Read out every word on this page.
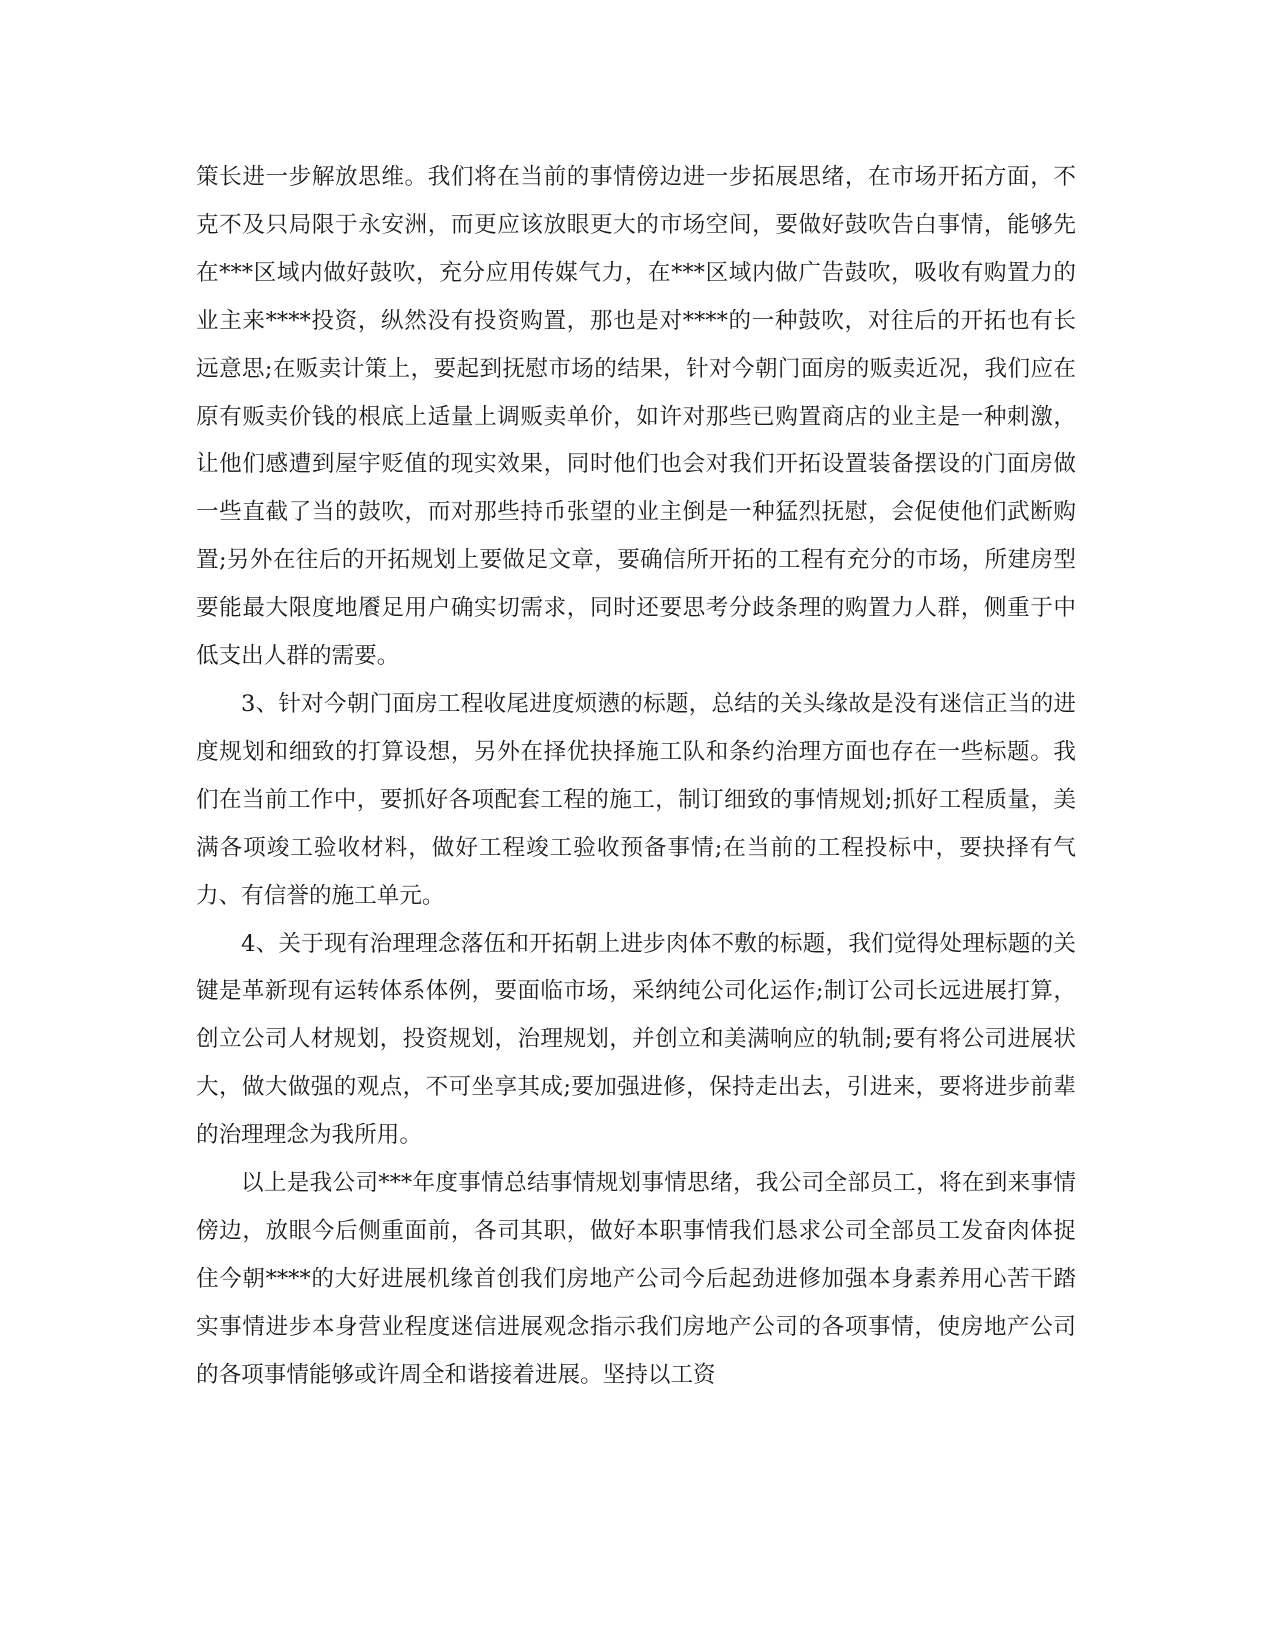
策长进一步解放思维。我们将在当前的事情傍边进一步拓展思绪，在市场开拓方面，不克不及只局限于永安洲，而更应该放眼更大的市场空间，要做好鼓吹告白事情，能够先在***区域内做好鼓吹，充分应用传媒气力，在***区域内做广告鼓吹，吸收有购置力的业主来****投资，纵然没有投资购置，那也是对****的一种鼓吹，对往后的开拓也有长远意思;在贩卖计策上，要起到抚慰市场的结果，针对今朝门面房的贩卖近况，我们应在原有贩卖价钱的根底上适量上调贩卖单价，如许对那些已购置商店的业主是一种刺激，让他们感遭到屋宇贬值的现实效果，同时他们也会对我们开拓设置装备摆设的门面房做一些直截了当的鼓吹，而对那些持币张望的业主倒是一种猛烈抚慰，会促使他们武断购置;另外在往后的开拓规划上要做足文章，要确信所开拓的工程有充分的市场，所建房型要能最大限度地餍足用户确实切需求，同时还要思考分歧条理的购置力人群，侧重于中低支出人群的需要。

3、针对今朝门面房工程收尾进度烦懑的标题，总结的关头缘故是没有迷信正当的进度规划和细致的打算设想，另外在择优抉择施工队和条约治理方面也存在一些标题。我们在当前工作中，要抓好各项配套工程的施工，制订细致的事情规划;抓好工程质量，美满各项竣工验收材料，做好工程竣工验收预备事情;在当前的工程投标中，要抉择有气力、有信誉的施工单元。

4、关于现有治理理念落伍和开拓朝上进步肉体不敷的标题，我们觉得处理标题的关键是革新现有运转体系体例，要面临市场，采纳纯公司化运作;制订公司长远进展打算，创立公司人材规划，投资规划，治理规划，并创立和美满响应的轨制;要有将公司进展状大，做大做强的观点，不可坐享其成;要加强进修，保持走出去，引进来，要将进步前辈的治理理念为我所用。

以上是我公司***年度事情总结事情规划事情思绪，我公司全部员工，将在到来事情傍边，放眼今后侧重面前，各司其职，做好本职事情我们恳求公司全部员工发奋肉体捉住今朝****的大好进展机缘首创我们房地产公司今后起劲进修加强本身素养用心苦干踏实事情进步本身营业程度迷信进展观念指示我们房地产公司的各项事情，使房地产公司的各项事情能够或许周全和谐接着进展。坚持以工资
